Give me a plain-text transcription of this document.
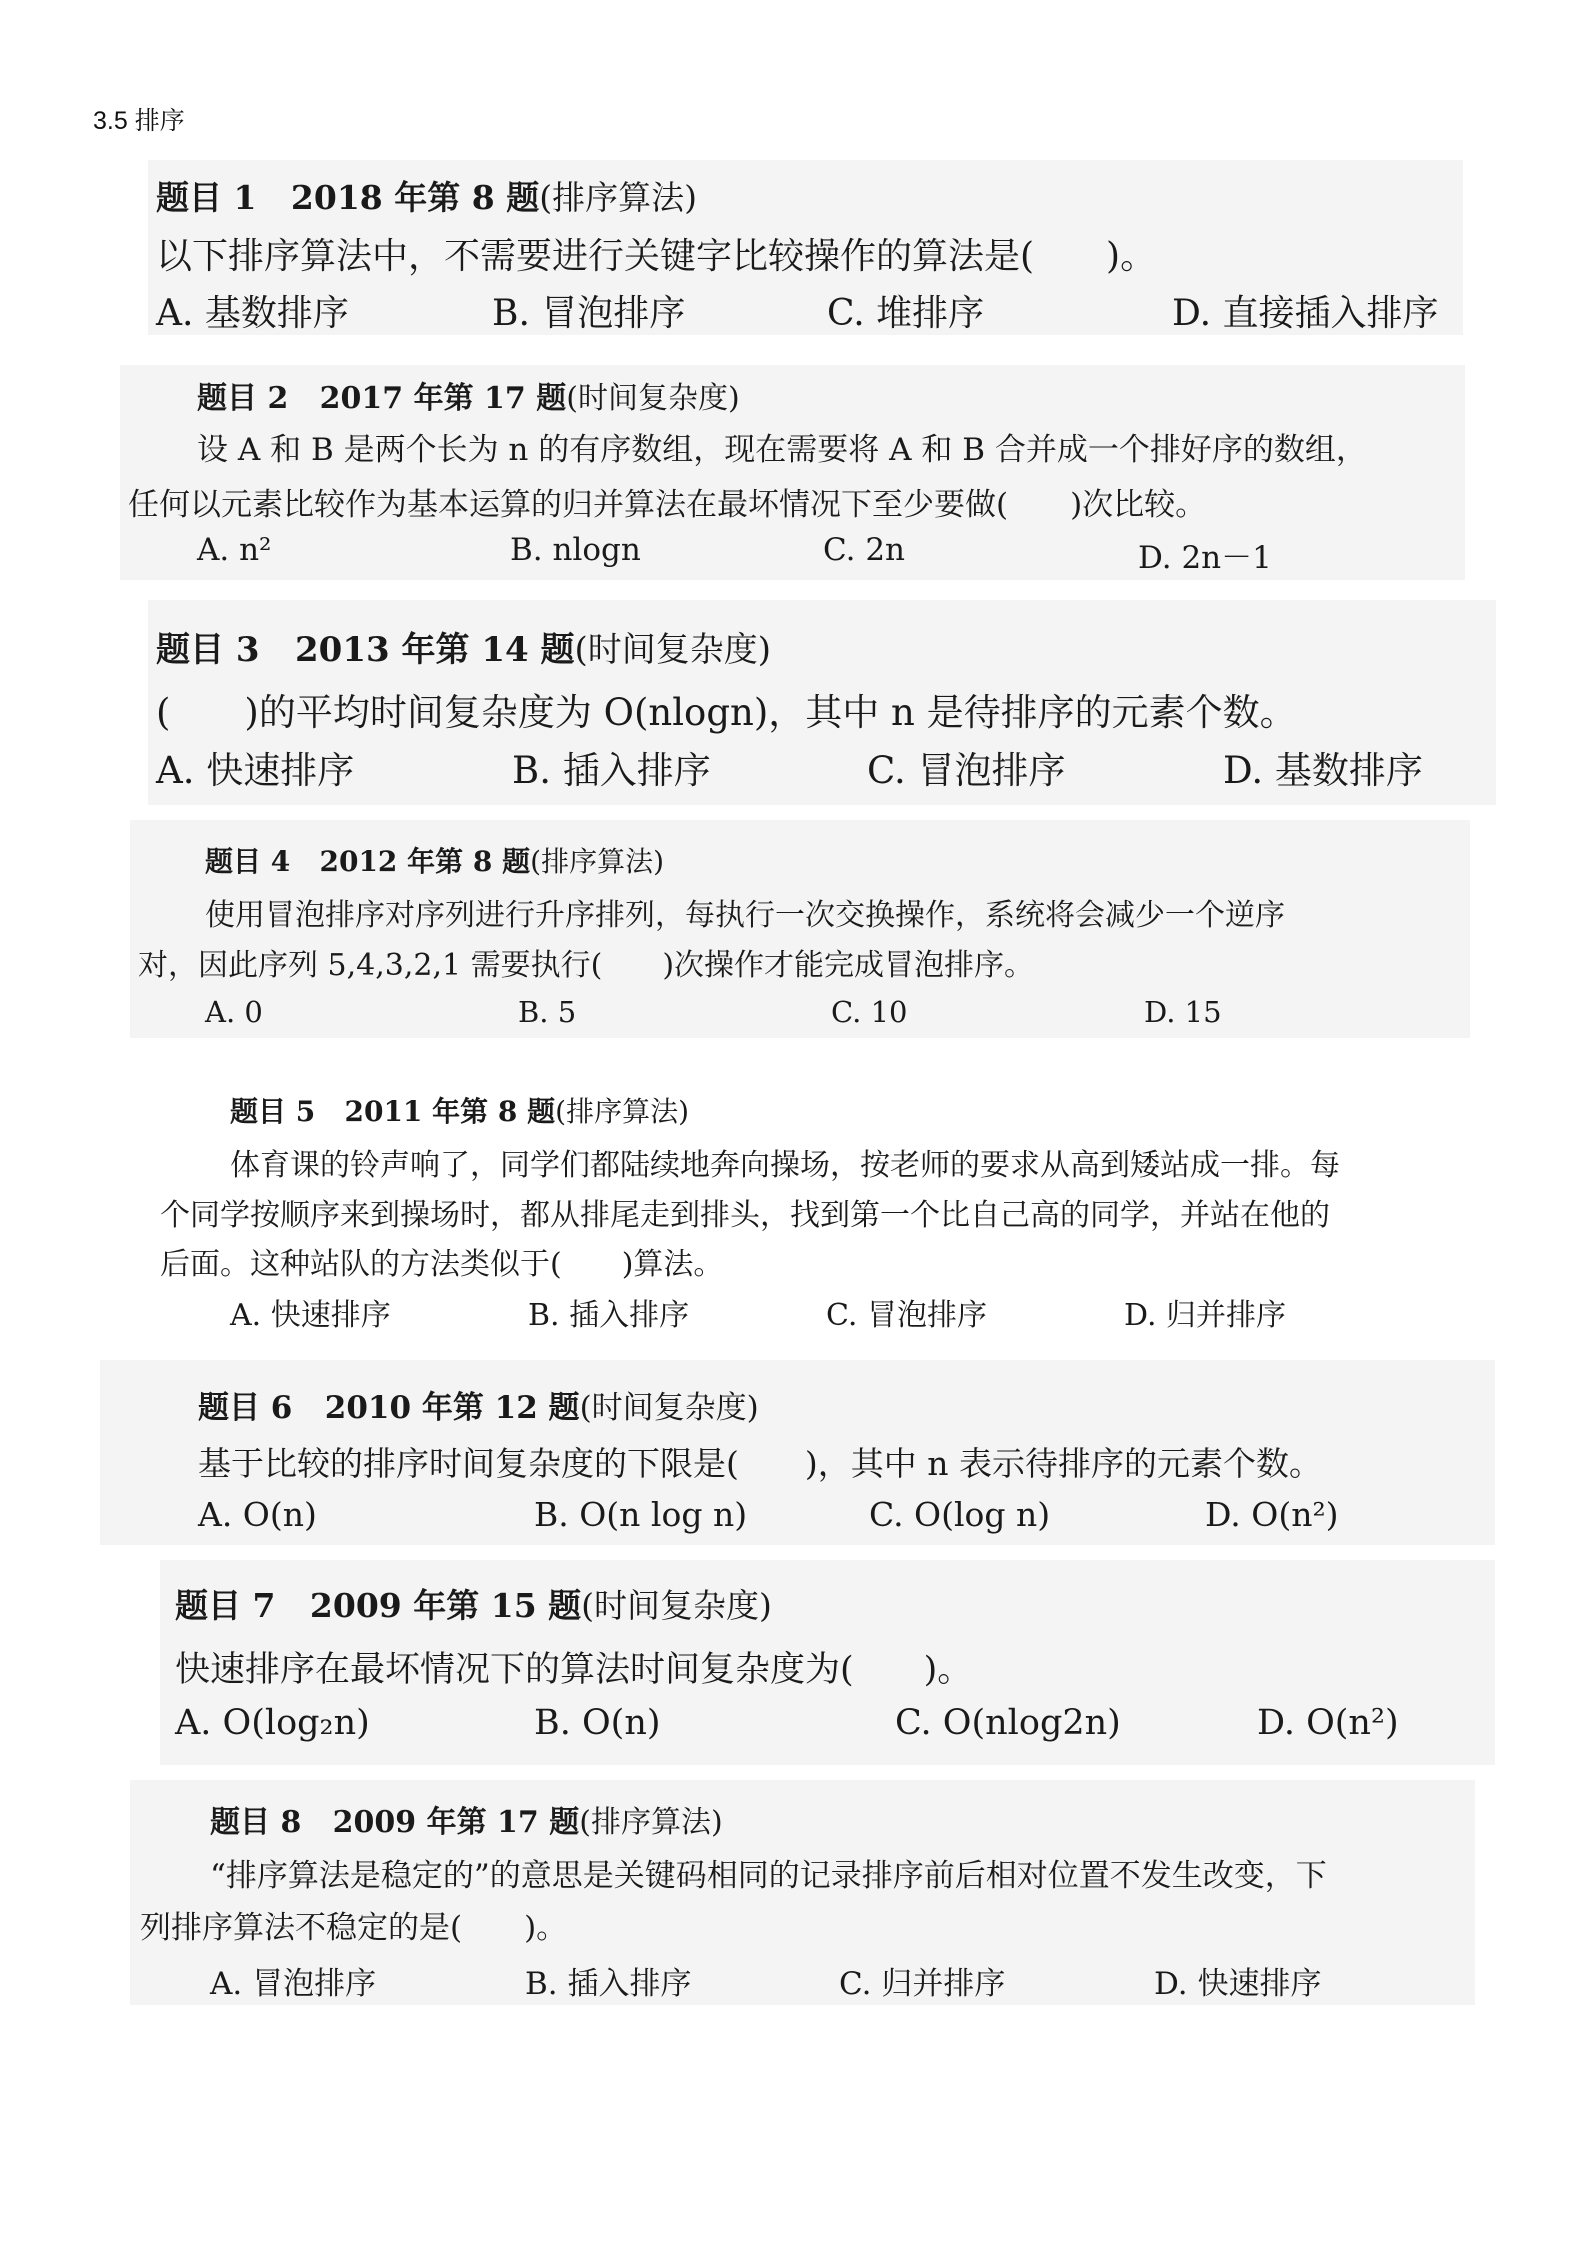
3.5 排序
题目 1 2018 年第 8 题(排序算法)
以下排序算法中，不需要进行关键字比较操作的算法是(　　)。
A. 基数排序	B. 冒泡排序	C. 堆排序	D. 直接插入排序
题目 2 2017 年第 17 题(时间复杂度)
设 A 和 B 是两个长为 n 的有序数组，现在需要将 A 和 B 合并成一个排好序的数组，
任何以元素比较作为基本运算的归并算法在最坏情况下至少要做(　　)次比较。
A. n²	B. nlogn	C. 2n	D. 2n－1
题目 3 2013 年第 14 题(时间复杂度)
(　　)的平均时间复杂度为 O(nlogn)，其中 n 是待排序的元素个数。
A. 快速排序	B. 插入排序	C. 冒泡排序	D. 基数排序
题目 4 2012 年第 8 题(排序算法)
使用冒泡排序对序列进行升序排列，每执行一次交换操作，系统将会减少一个逆序
对，因此序列 5,4,3,2,1 需要执行(　　)次操作才能完成冒泡排序。
A. 0	B. 5	C. 10	D. 15
题目 5 2011 年第 8 题(排序算法)
体育课的铃声响了，同学们都陆续地奔向操场，按老师的要求从高到矮站成一排。每
个同学按顺序来到操场时，都从排尾走到排头，找到第一个比自己高的同学，并站在他的
后面。这种站队的方法类似于(　　)算法。
A. 快速排序	B. 插入排序	C. 冒泡排序	D. 归并排序
题目 6 2010 年第 12 题(时间复杂度)
基于比较的排序时间复杂度的下限是(　　)，其中 n 表示待排序的元素个数。
A. O(n)	B. O(n log n)	C. O(log n)	D. O(n²)
题目 7 2009 年第 15 题(时间复杂度)
快速排序在最坏情况下的算法时间复杂度为(　　)。
A. O(log₂n)	B. O(n)	C. O(nlog2n)	D. O(n²)
题目 8 2009 年第 17 题(排序算法)
“排序算法是稳定的”的意思是关键码相同的记录排序前后相对位置不发生改变，下
列排序算法不稳定的是(　　)。
A. 冒泡排序	B. 插入排序	C. 归并排序	D. 快速排序
